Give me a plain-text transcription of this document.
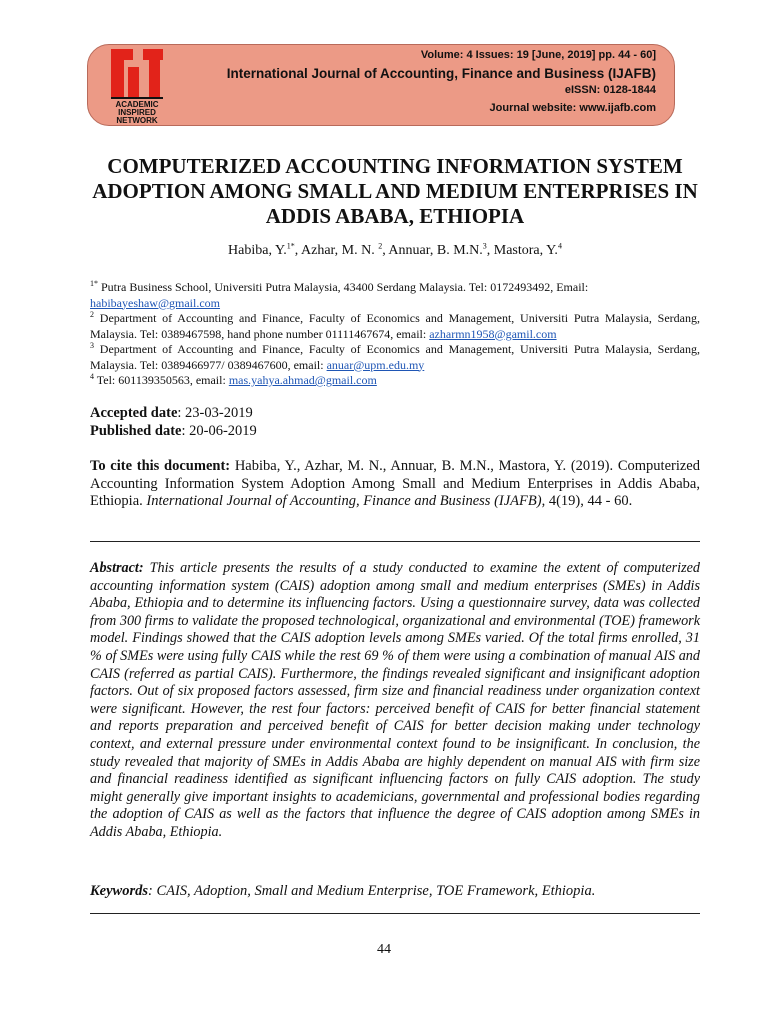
ACADEMIC
INSPIRED
NETWORK
Volume: 4 Issues: 19 [June, 2019] pp. 44 - 60]
International Journal of Accounting, Finance and Business (IJAFB)
eISSN: 0128-1844
Journal website: www.ijafb.com
COMPUTERIZED ACCOUNTING INFORMATION SYSTEM
ADOPTION AMONG SMALL AND MEDIUM ENTERPRISES IN
ADDIS ABABA, ETHIOPIA
Habiba, Y.$^{1*}$, Azhar, M. N. $^2$, Annuar, B. M.N.$^3$, Mastora, Y.$^4$

$^{1*}$ Putra Business School, Universiti Putra Malaysia, 43400 Serdang Malaysia. Tel: 0172493492, Email:
habibayeshaw@gmail.com

$^2$ Department of Accounting and Finance, Faculty of Economics and Management, Universiti Putra Malaysia, Serdang, Malaysia. Tel: 0389467598, hand phone number 01111467674, email: azharmn1958@gamil.com

$^3$ Department of Accounting and Finance, Faculty of Economics and Management, Universiti Putra Malaysia, Serdang, Malaysia. Tel: 0389466977/ 0389467600, email: anuar@upm.edu.my

$^4$ Tel: 601139350563, email: mas.yahya.ahmad@gmail.com

Accepted date: 23-03-2019
Published date: 20-06-2019
To cite this document: Habiba, Y., Azhar, M. N., Annuar, B. M.N., Mastora, Y. (2019). Computerized Accounting Information System Adoption Among Small and Medium Enterprises in Addis Ababa, Ethiopia. International Journal of Accounting, Finance and Business (IJAFB), 4(19), 44 - 60.
Abstract: This article presents the results of a study conducted to examine the extent of computerized accounting information system (CAIS) adoption among small and medium enterprises (SMEs) in Addis Ababa, Ethiopia and to determine its influencing factors. Using a questionnaire survey, data was collected from 300 firms to validate the proposed technological, organizational and environmental (TOE) framework model. Findings showed that the CAIS adoption levels among SMEs varied. Of the total firms enrolled, 31 % of SMEs were using fully CAIS while the rest 69 % of them were using a combination of manual AIS and CAIS (referred as partial CAIS). Furthermore, the findings revealed significant and insignificant adoption factors. Out of six proposed factors assessed, firm size and financial readiness under organization context were significant. However, the rest four factors: perceived benefit of CAIS for better financial statement and reports preparation and perceived benefit of CAIS for better decision making under technology context, and external pressure under environmental context found to be insignificant. In conclusion, the study revealed that majority of SMEs in Addis Ababa are highly dependent on manual AIS with firm size and financial readiness identified as significant influencing factors on fully CAIS adoption. The study might generally give important insights to academicians, governmental and professional bodies regarding the adoption of CAIS as well as the factors that influence the degree of CAIS adoption among SMEs in Addis Ababa, Ethiopia.
Keywords: CAIS, Adoption, Small and Medium Enterprise, TOE Framework, Ethiopia.
44
